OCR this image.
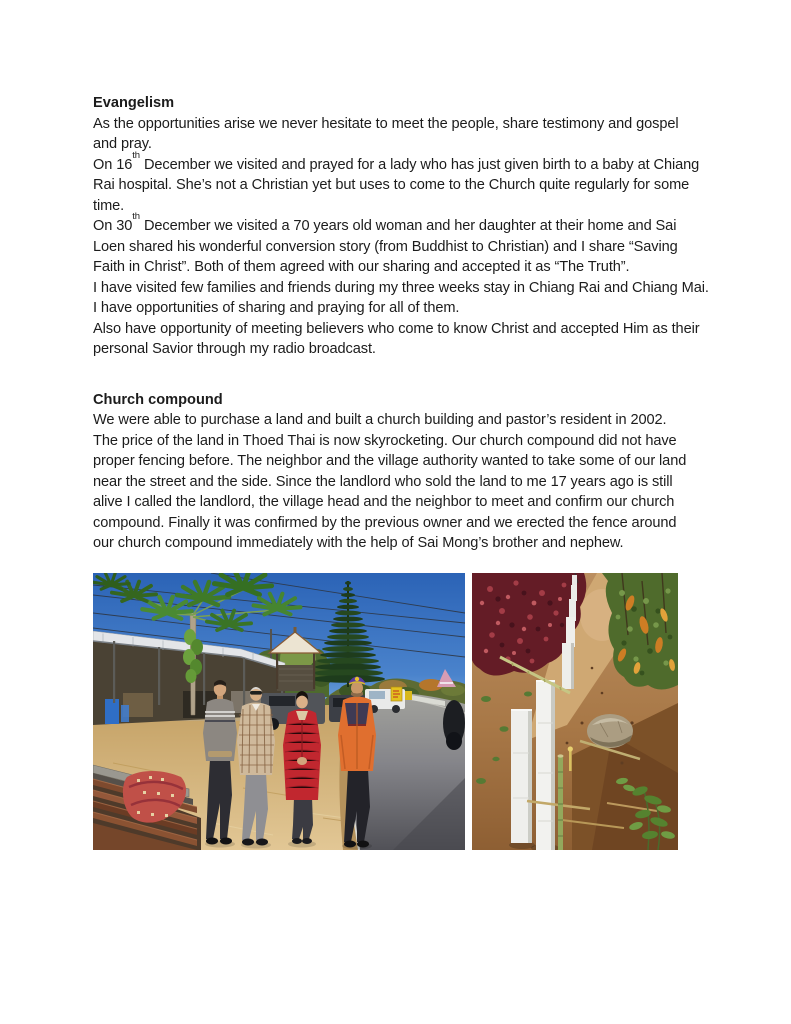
Evangelism
As the opportunities arise we never hesitate to meet the people, share testimony and gospel
and pray.
On 16th December we visited and prayed for a lady who has just given birth to a baby at Chiang
Rai hospital. She’s not a Christian yet but uses to come to the Church quite regularly for some
time.
On 30th December we visited a 70 years old woman and her daughter at their home and Sai
Loen shared his wonderful conversion story (from Buddhist to Christian) and I share “Saving
Faith in Christ”. Both of them agreed with our sharing and accepted it as “The Truth”.
I have visited few families and friends during my three weeks stay in Chiang Rai and Chiang Mai.
I have opportunities of sharing and praying for all of them.
Also have opportunity of meeting believers who come to know Christ and accepted Him as their
personal Savior through my radio broadcast.
Church compound
We were able to purchase a land and built a church building and pastor’s resident in 2002.
The price of the land in Thoed Thai is now skyrocketing. Our church compound did not have
proper fencing before. The neighbor and the village authority wanted to take some of our land
near the street and the side. Since the landlord who sold the land to me 17 years ago is still
alive I called the landlord, the village head and the neighbor to meet and confirm our church
compound. Finally it was confirmed by the previous owner and we erected the fence around
our church compound immediately with the help of Sai Mong’s brother and nephew.
